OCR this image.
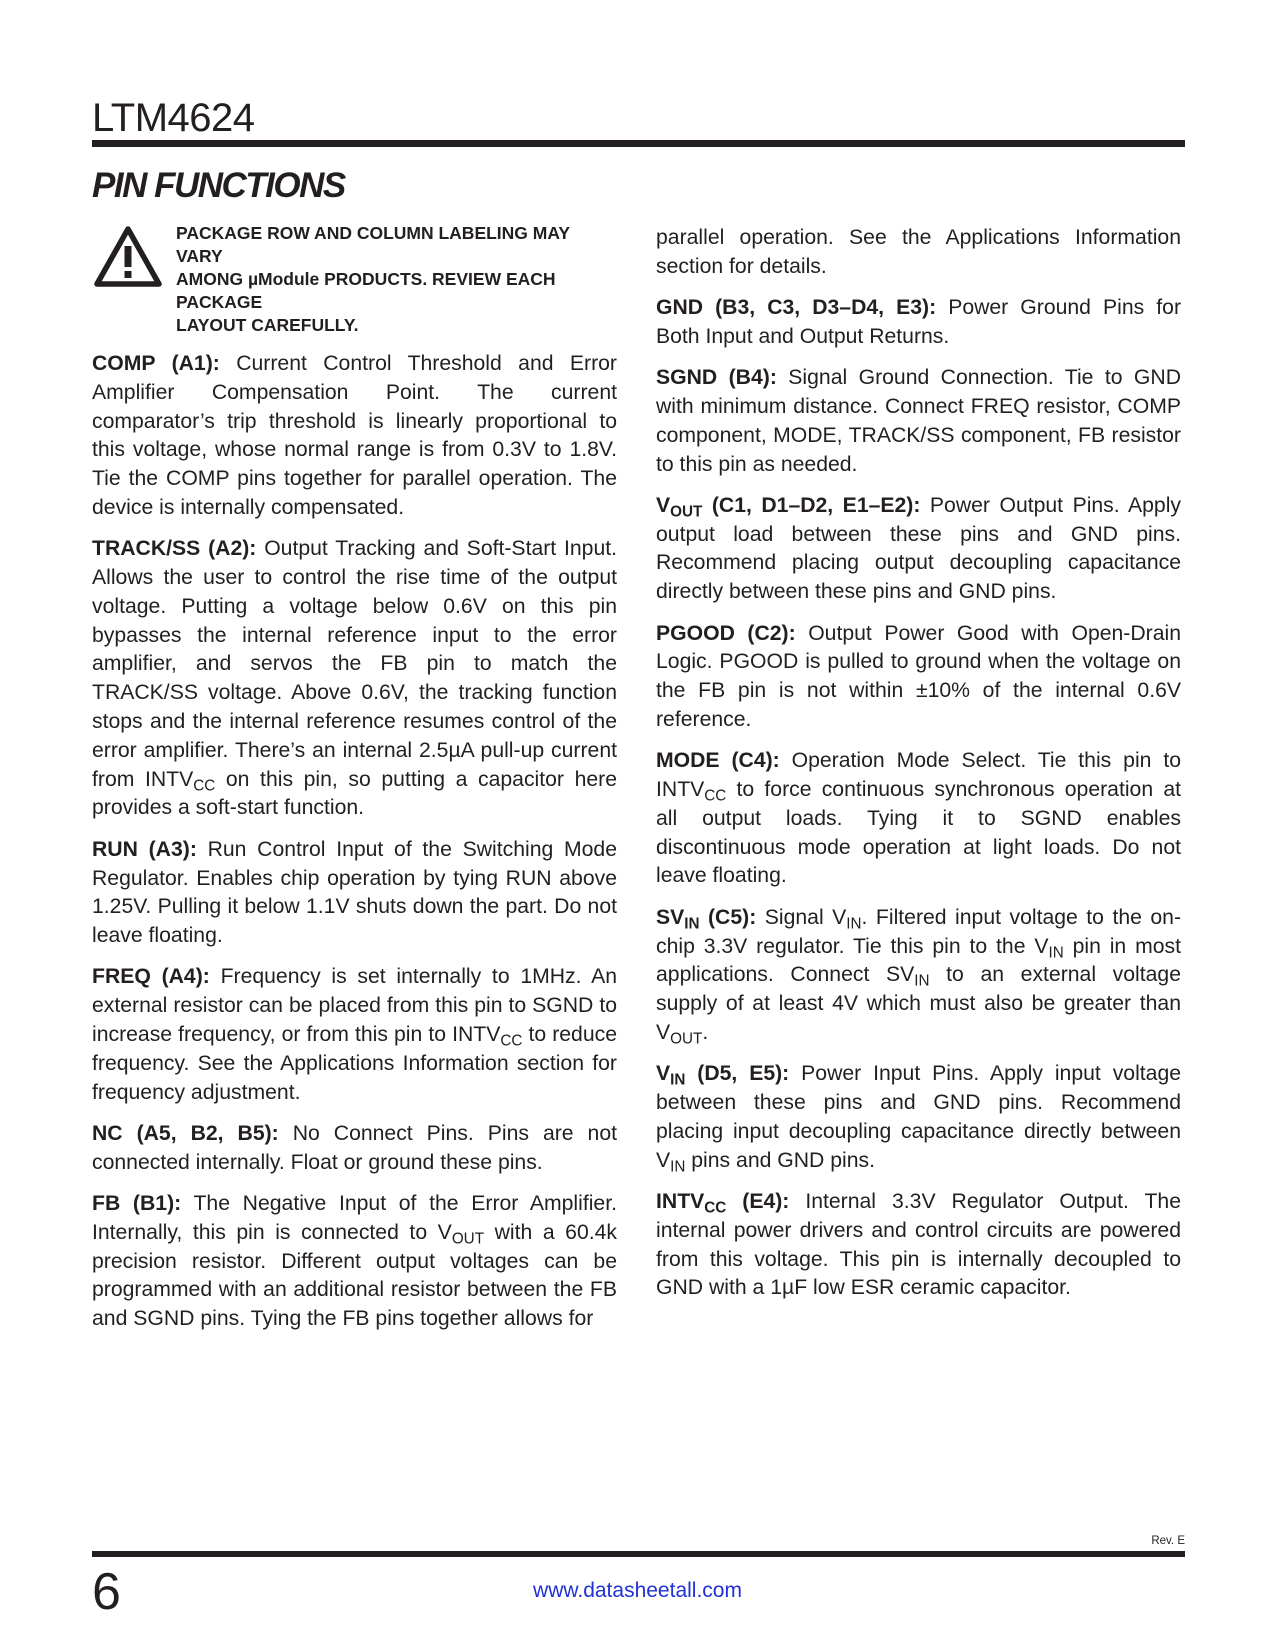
LTM4624
PIN FUNCTIONS
PACKAGE ROW AND COLUMN LABELING MAY VARY
AMONG µModule PRODUCTS. REVIEW EACH PACKAGE
LAYOUT CAREFULLY.

COMP (A1): Current Control Threshold and Error Amplifier Compensation Point. The current comparator’s trip threshold is linearly proportional to this voltage, whose normal range is from 0.3V to 1.8V. Tie the COMP pins together for parallel operation. The device is internally compensated.

TRACK/SS (A2): Output Tracking and Soft-Start Input. Allows the user to control the rise time of the output voltage. Putting a voltage below 0.6V on this pin bypasses the internal reference input to the error amplifier, and servos the FB pin to match the TRACK/SS voltage. Above 0.6V, the tracking function stops and the internal reference resumes control of the error amplifier. There’s an internal 2.5µA pull-up current from $INTV_{CC}$ on this pin, so putting a capacitor here provides a soft-start function.

RUN (A3): Run Control Input of the Switching Mode Regulator. Enables chip operation by tying RUN above 1.25V. Pulling it below 1.1V shuts down the part. Do not leave floating.

FREQ (A4): Frequency is set internally to 1MHz. An external resistor can be placed from this pin to SGND to increase frequency, or from this pin to $INTV_{CC}$ to reduce frequency. See the Applications Information section for frequency adjustment.

NC (A5, B2, B5): No Connect Pins. Pins are not connected internally. Float or ground these pins.

FB (B1): The Negative Input of the Error Amplifier. Internally, this pin is connected to $V_{OUT}$ with a 60.4k precision resistor. Different output voltages can be programmed with an additional resistor between the FB and SGND pins. Tying the FB pins together allows for

parallel operation. See the Applications Information section for details.

GND (B3, C3, D3–D4, E3): Power Ground Pins for Both Input and Output Returns.

SGND (B4): Signal Ground Connection. Tie to GND with minimum distance. Connect FREQ resistor, COMP component, MODE, TRACK/SS component, FB resistor to this pin as needed.

$V_{OUT}$ (C1, D1–D2, E1–E2): Power Output Pins. Apply output load between these pins and GND pins. Recommend placing output decoupling capacitance directly between these pins and GND pins.

PGOOD (C2): Output Power Good with Open-Drain Logic. PGOOD is pulled to ground when the voltage on the FB pin is not within ±10% of the internal 0.6V reference.

MODE (C4): Operation Mode Select. Tie this pin to $INTV_{CC}$ to force continuous synchronous operation at all output loads. Tying it to SGND enables discontinuous mode operation at light loads. Do not leave floating.

$SV_{IN}$ (C5): Signal $V_{IN}$. Filtered input voltage to the on-chip 3.3V regulator. Tie this pin to the $V_{IN}$ pin in most applications. Connect $SV_{IN}$ to an external voltage supply of at least 4V which must also be greater than $V_{OUT}$.

$V_{IN}$ (D5, E5): Power Input Pins. Apply input voltage between these pins and GND pins. Recommend placing input decoupling capacitance directly between $V_{IN}$ pins and GND pins.

$INTV_{CC}$ (E4): Internal 3.3V Regulator Output. The internal power drivers and control circuits are powered from this voltage. This pin is internally decoupled to GND with a 1µF low ESR ceramic capacitor.

Rev. E
6	www.datasheetall.com
